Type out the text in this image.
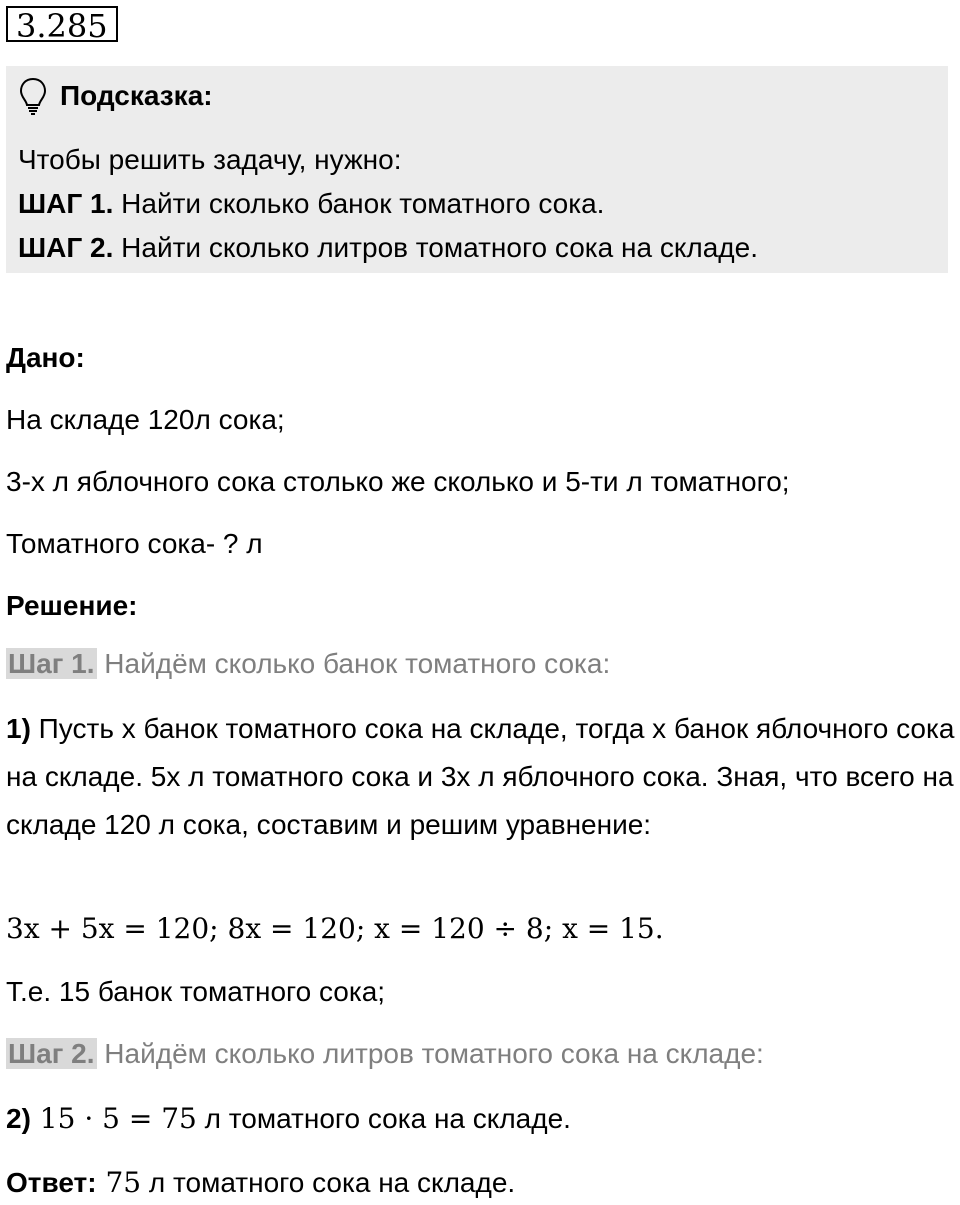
3.285
Подсказка:
Чтобы решить задачу, нужно:
ШАГ 1. Найти сколько банок томатного сока.
ШАГ 2. Найти сколько литров томатного сока на складе.
Дано:
На складе 120л сока;
3-х л яблочного сока столько же сколько и 5-ти л томатного;
Томатного сока- ? л
Решение:
Шаг 1. Найдём сколько банок томатного сока:
1) Пусть х банок томатного сока на складе, тогда х банок яблочного сока на складе. 5х л томатного сока и 3х л яблочного сока. Зная, что всего на складе 120 л сока, составим и решим уравнение:
3x + 5x = 120; 8x = 120; x = 120 ÷ 8; x = 15.
Т.е. 15 банок томатного сока;
Шаг 2. Найдём сколько литров томатного сока на складе:
2) 15 · 5 = 75 л томатного сока на складе.
Ответ: 75 л томатного сока на складе.
